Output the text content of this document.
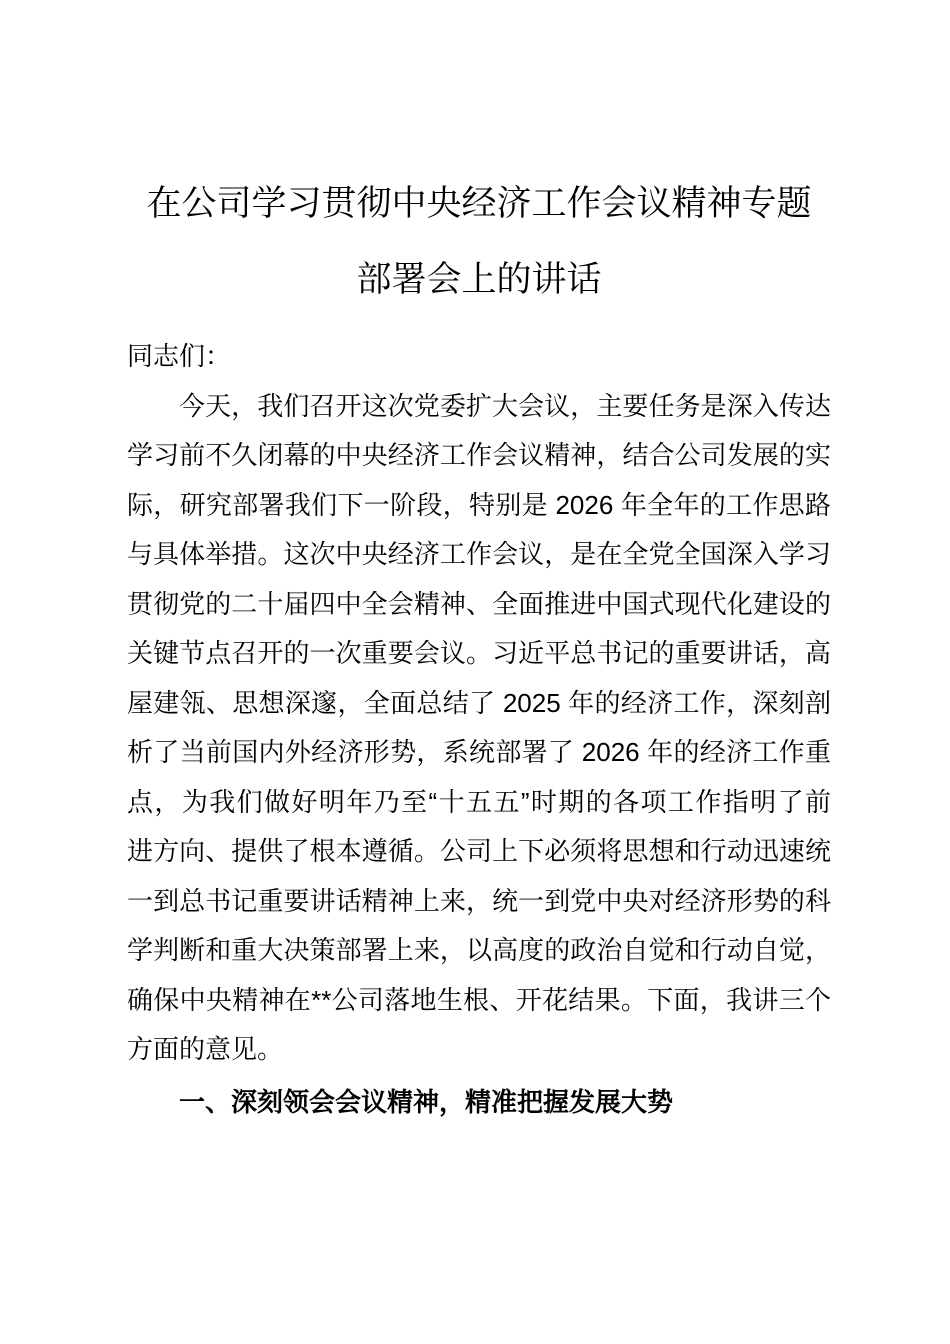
在公司学习贯彻中央经济工作会议精神专题
部署会上的讲话
同志们：
今天，我们召开这次党委扩大会议，主要任务是深入传达
学习前不久闭幕的中央经济工作会议精神，结合公司发展的实
际，研究部署我们下一阶段，特别是 2026 年全年的工作思路
与具体举措。这次中央经济工作会议，是在全党全国深入学习
贯彻党的二十届四中全会精神、全面推进中国式现代化建设的
关键节点召开的一次重要会议。习近平总书记的重要讲话，高
屋建瓴、思想深邃，全面总结了 2025 年的经济工作，深刻剖
析了当前国内外经济形势，系统部署了 2026 年的经济工作重
点，为我们做好明年乃至“十五五”时期的各项工作指明了前
进方向、提供了根本遵循。公司上下必须将思想和行动迅速统
一到总书记重要讲话精神上来，统一到党中央对经济形势的科
学判断和重大决策部署上来，以高度的政治自觉和行动自觉，
确保中央精神在**公司落地生根、开花结果。下面，我讲三个
方面的意见。
一、深刻领会会议精神，精准把握发展大势
